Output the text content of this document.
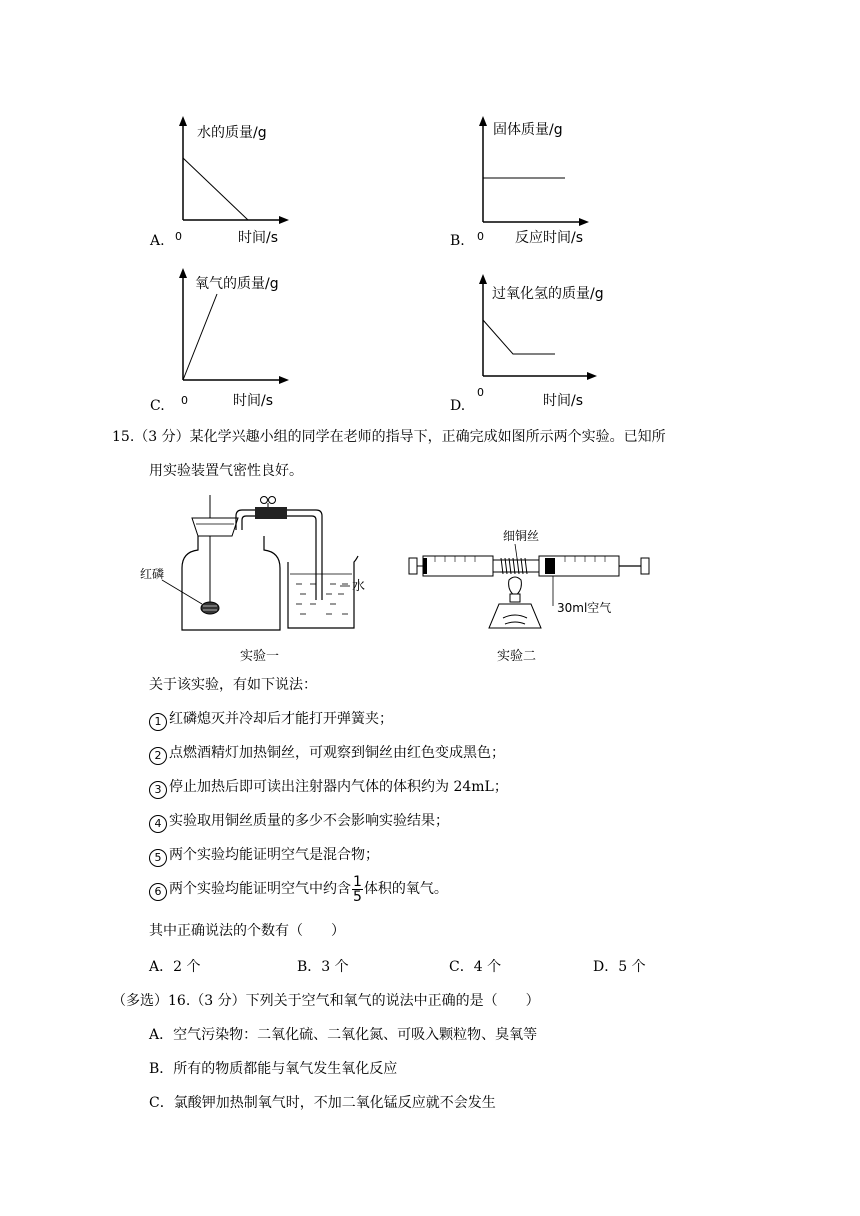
A.
水的质量/g
0	时间/s	B.
固体质量/g
0 反应时间/s
C.
氧气的质量/g
0	时间/s	D.
过氧化氢的质量/g
0
时间/s
15.（3 分）某化学兴趣小组的同学在老师的指导下，正确完成如图所示两个实验。已知所
用实验装置气密性良好。
红磷
水
实验一
细铜丝
30ml空气
实验二
关于该实验，有如下说法：
1 红磷熄灭并冷却后才能打开弹簧夹；
2 点燃酒精灯加热铜丝，可观察到铜丝由红色变成黑色；
3 停止加热后即可读出注射器内气体的体积约为 24mL；
4 实验取用铜丝质量的多少不会影响实验结果；
5 两个实验均能证明空气是混合物；
6 两个实验均能证明空气中约含 $\frac{1}{5}$ 体积的氧气。
其中正确说法的个数有（　　）
A．2 个	B．3 个	C．4 个	D．5 个
（多选）16.（3 分）下列关于空气和氧气的说法中正确的是（　　）
A．空气污染物：二氧化硫、二氧化氮、可吸入颗粒物、臭氧等
B．所有的物质都能与氧气发生氧化反应
C．氯酸钾加热制氧气时，不加二氧化锰反应就不会发生
